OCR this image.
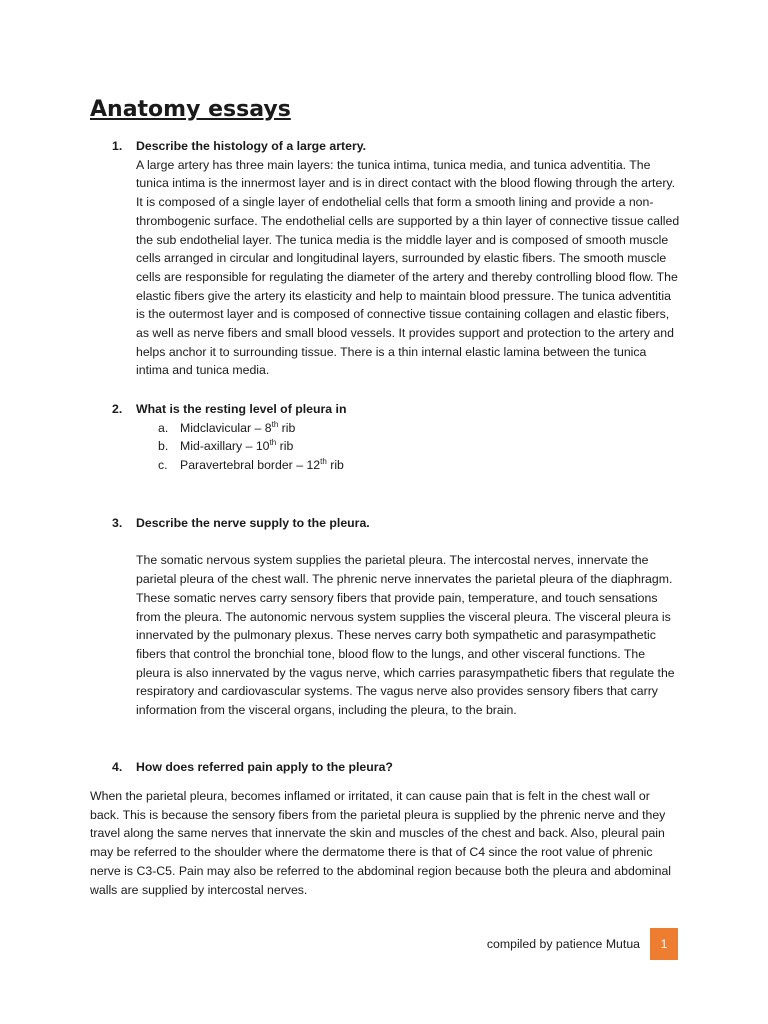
Anatomy essays
1. Describe the histology of a large artery.
A large artery has three main layers: the tunica intima, tunica media, and tunica adventitia. The tunica intima is the innermost layer and is in direct contact with the blood flowing through the artery. It is composed of a single layer of endothelial cells that form a smooth lining and provide a non-thrombogenic surface. The endothelial cells are supported by a thin layer of connective tissue called the sub endothelial layer. The tunica media is the middle layer and is composed of smooth muscle cells arranged in circular and longitudinal layers, surrounded by elastic fibers. The smooth muscle cells are responsible for regulating the diameter of the artery and thereby controlling blood flow. The elastic fibers give the artery its elasticity and help to maintain blood pressure. The tunica adventitia is the outermost layer and is composed of connective tissue containing collagen and elastic fibers, as well as nerve fibers and small blood vessels. It provides support and protection to the artery and helps anchor it to surrounding tissue. There is a thin internal elastic lamina between the tunica intima and tunica media.
2. What is the resting level of pleura in
a. Midclavicular – 8th rib
b. Mid-axillary – 10th rib
c. Paravertebral border – 12th rib
3. Describe the nerve supply to the pleura.
The somatic nervous system supplies the parietal pleura. The intercostal nerves, innervate the parietal pleura of the chest wall. The phrenic nerve innervates the parietal pleura of the diaphragm. These somatic nerves carry sensory fibers that provide pain, temperature, and touch sensations from the pleura. The autonomic nervous system supplies the visceral pleura. The visceral pleura is innervated by the pulmonary plexus. These nerves carry both sympathetic and parasympathetic fibers that control the bronchial tone, blood flow to the lungs, and other visceral functions. The pleura is also innervated by the vagus nerve, which carries parasympathetic fibers that regulate the respiratory and cardiovascular systems. The vagus nerve also provides sensory fibers that carry information from the visceral organs, including the pleura, to the brain.
4. How does referred pain apply to the pleura?
When the parietal pleura, becomes inflamed or irritated, it can cause pain that is felt in the chest wall or back. This is because the sensory fibers from the parietal pleura is supplied by the phrenic nerve and they travel along the same nerves that innervate the skin and muscles of the chest and back. Also, pleural pain may be referred to the shoulder where the dermatome there is that of C4 since the root value of phrenic nerve is C3-C5. Pain may also be referred to the abdominal region because both the pleura and abdominal walls are supplied by intercostal nerves.
compiled by patience Mutua	1
